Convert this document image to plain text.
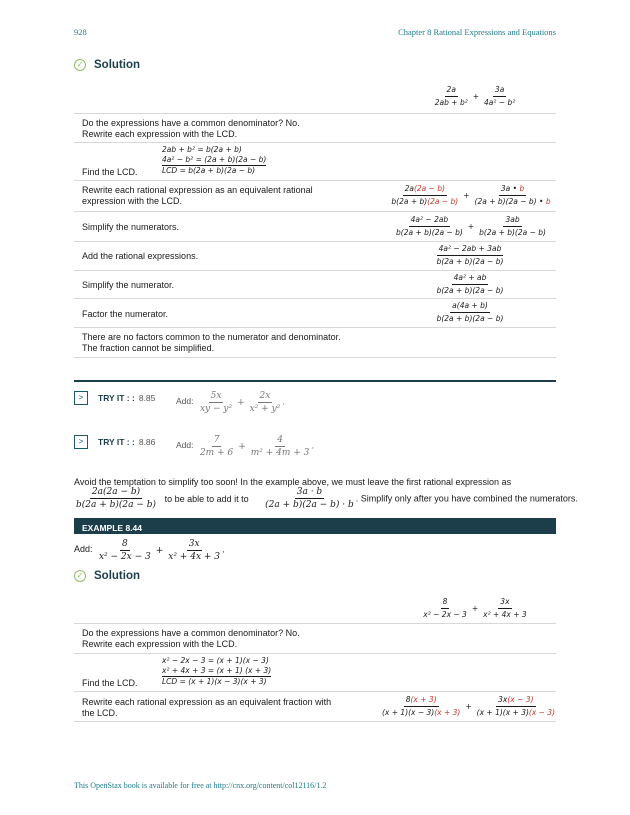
928	Chapter 8 Rational Expressions and Equations
✓ Solution
$\frac{2a}{\text{2ab + b²}} + \frac{3a}{\text{4a² − b²}}$
Do the expressions have a common denominator? No.
Rewrite each expression with the LCD.
Find the LCD.
2ab + b² = b(2a + b)
4a² − b² = (2a + b)(2a − b)
LCD = b(2a + b)(2a − b)
Rewrite each rational expression as an equivalent rational
expression with the LCD.	$\frac{2a(2a - b)}{b(2a + b)(2a - b)} + \frac{3a • b}{(2a + b)(2a - b) • b}$
Simplify the numerators.	$\frac{\text{4a² − 2ab}}{b(2a + b)(2a - b)} + \frac{3ab}{b(2a + b)(2a - b)}$
Add the rational expressions.	$\frac{\text{4a² − 2ab + 3ab}}{b(2a + b)(2a - b)}$
Simplify the numerator.	$\frac{\text{4a² + ab}}{b(2a + b)(2a - b)}$
Factor the numerator.	$\frac{a(4a + b)}{b(2a + b)(2a - b)}$
There are no factors common to the numerator and denominator.
The fraction cannot be simplified.
> TRY IT : : 8.85 Add: $\frac{5x}{\text{xy − y²}} + \frac{2x}{\text{x² + y²}}$ .
> TRY IT : : 8.86 Add: $\frac{7}{2m + 6} + \frac{4}{\text{m² + 4m + 3}}$ .
Avoid the temptation to simplify too soon! In the example above, we must leave the first rational expression as
$\frac{2a(2a - b)}{b(2a + b)(2a - b)}$ to be able to add it to $\frac{3a \cdot b}{(2a + b)(2a - b) \cdot b}$ . Simplify only after you have combined the numerators.
EXAMPLE 8.44
Add: $\frac{8}{\text{x² − 2x − 3}} + \frac{3x}{\text{x² + 4x + 3}}$ .
✓ Solution
$\frac{8}{\text{x² − 2x − 3}} + \frac{3x}{\text{x² + 4x + 3}}$
Do the expressions have a common denominator? No.
Rewrite each expression with the LCD.
Find the LCD.
x² − 2x − 3 = (x + 1)(x − 3)
x² + 4x + 3 = (x + 1) (x + 3)
LCD = (x + 1)(x − 3)(x + 3)
Rewrite each rational expression as an equivalent fraction with
the LCD.	$\frac{8(x + 3)}{(x + 1)(x - 3)(x + 3)} + \frac{3x(x - 3)}{(x + 1)(x + 3)(x - 3)}$
This OpenStax book is available for free at http://cnx.org/content/col12116/1.2
